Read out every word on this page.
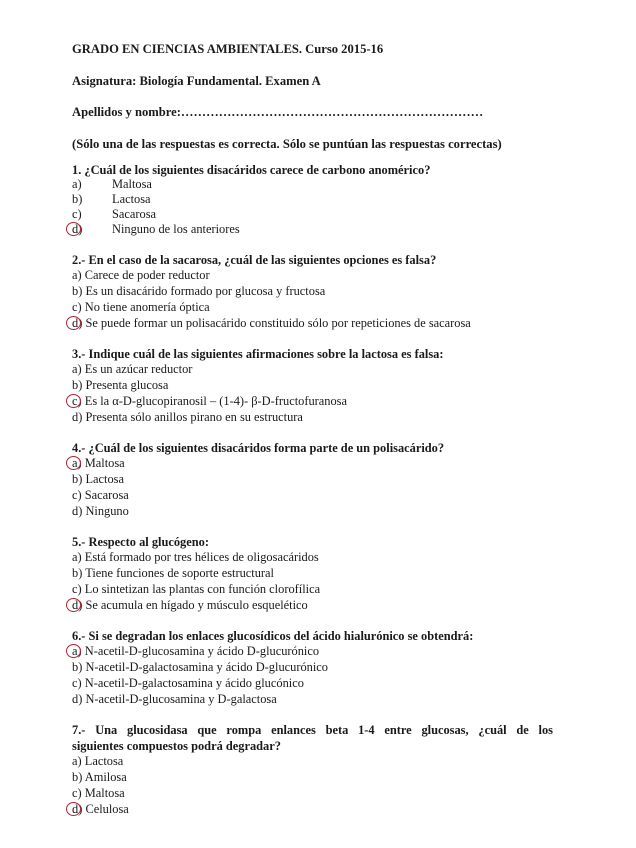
GRADO EN CIENCIAS AMBIENTALES. Curso 2015-16
Asignatura: Biología Fundamental. Examen A
Apellidos y nombre:………………………………………………………………
(Sólo una de las respuestas es correcta. Sólo se puntúan las respuestas correctas)
1. ¿Cuál de los siguientes disacáridos carece de carbono anomérico?
a) Maltosa
b) Lactosa
c) Sacarosa
d) Ninguno de los anteriores
2.- En el caso de la sacarosa, ¿cuál de las siguientes opciones es falsa?
a) Carece de poder reductor
b) Es un disacárido formado por glucosa y fructosa
c) No tiene anomería óptica
d) Se puede formar un polisacárido constituido sólo por repeticiones de sacarosa
3.- Indique cuál de las siguientes afirmaciones sobre la lactosa es falsa:
a) Es un azúcar reductor
b) Presenta glucosa
c) Es la α-D-glucopiranosil – (1-4)- β-D-fructofuranosa
d) Presenta sólo anillos pirano en su estructura
4.- ¿Cuál de los siguientes disacáridos forma parte de un polisacárido?
a) Maltosa
b) Lactosa
c) Sacarosa
d) Ninguno
5.- Respecto al glucógeno:
a) Está formado por tres hélices de oligosacáridos
b) Tiene funciones de soporte estructural
c) Lo sintetizan las plantas con función clorofílica
d) Se acumula en hígado y músculo esquelético
6.- Si se degradan los enlaces glucosídicos del ácido hialurónico se obtendrá:
a) N-acetil-D-glucosamina y ácido D-glucurónico
b) N-acetil-D-galactosamina y ácido D-glucurónico
c) N-acetil-D-galactosamina y ácido glucónico
d) N-acetil-D-glucosamina y D-galactosa
7.- Una glucosidasa que rompa enlances beta 1-4 entre glucosas, ¿cuál de los
siguientes compuestos podrá degradar?
a) Lactosa
b) Amilosa
c) Maltosa
d) Celulosa
